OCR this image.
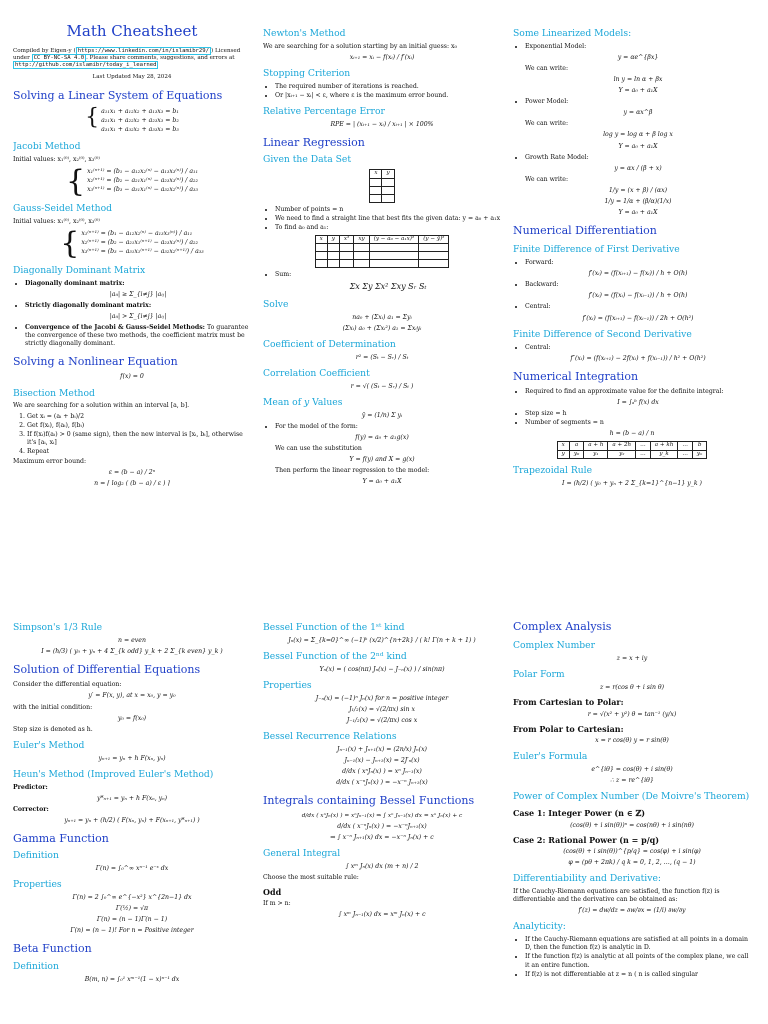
Math Cheatsheet
Compiled by Eigen-y ( https://www.linkedin.com/in/islamibr29/ ) Licensed under CC BY-NC-SA 4.0 . Please share comments, suggestions, and errors at http://github.com/islamibr/today_i_learned
Last Updated May 28, 2024
Solving a Linear System of Equations
{ a₁₁x₁ + a₁₂x₂ + a₁₃x₃ = b₁
a₂₁x₁ + a₂₂x₂ + a₂₃x₃ = b₂
a₃₁x₁ + a₃₂x₂ + a₃₃x₃ = b₃
Jacobi Method
Initial values: x₁⁽⁰⁾, x₂⁽⁰⁾, x₃⁽⁰⁾
{ x₁⁽ⁿ⁺¹⁾ = (b₁ − a₁₂x₂⁽ⁿ⁾ − a₁₃x₃⁽ⁿ⁾) / a₁₁
x₂⁽ⁿ⁺¹⁾ = (b₂ − a₂₁x₁⁽ⁿ⁾ − a₂₃x₃⁽ⁿ⁾) / a₂₂
x₃⁽ⁿ⁺¹⁾ = (b₃ − a₃₁x₁⁽ⁿ⁾ − a₃₂x₂⁽ⁿ⁾) / a₃₃
Gauss-Seidel Method
Initial values: x₁⁽⁰⁾, x₂⁽⁰⁾, x₃⁽⁰⁾
{ x₁⁽ⁿ⁺¹⁾ = (b₁ − a₁₂x₂⁽ⁿ⁾ − a₁₃x₃⁽ⁿ⁾) / a₁₁
x₂⁽ⁿ⁺¹⁾ = (b₂ − a₂₁x₁⁽ⁿ⁺¹⁾ − a₂₃x₃⁽ⁿ⁾) / a₂₂
x₃⁽ⁿ⁺¹⁾ = (b₃ − a₃₁x₁⁽ⁿ⁺¹⁾ − a₃₂x₂⁽ⁿ⁺¹⁾) / a₃₃
Diagonally Dominant Matrix
• Diagonally dominant matrix:
|aᵢᵢ| ≥ Σ_{i≠j} |aᵢⱼ|
• Strictly diagonally dominant matrix:
|aᵢᵢ| > Σ_{i≠j} |aᵢⱼ|
• Convergence of the Jacobi & Gauss-Seidel Methods: To guarantee the convergence of these two methods, the coefficient matrix must be strictly diagonally dominant.
Solving a Nonlinear Equation
f(x) = 0
Bisection Method
We are searching for a solution within an interval [a, b].
1. Get xᵢ = (aᵢ + bᵢ)/2
2. Get f(xᵢ), f(aᵢ), f(bᵢ)
3. If f(xᵢ)f(aᵢ) > 0 (same sign), then the new interval is [xᵢ, bᵢ], otherwise it's [aᵢ, xᵢ]
4. Repeat
Maximum error bound:
ε = (b − a) / 2ⁿ
n = ⌈ log₂ ( (b − a) / ε ) ⌉
Newton's Method
We are searching for a solution starting by an initial guess: x₀
xᵢ₊₁ = xᵢ − f(xᵢ) / f′(xᵢ)
Stopping Criterion
• The required number of iterations is reached.
• Or |xᵢ₊₁ − xᵢ| < ε, where ε is the maximum error bound.
Relative Percentage Error
RPE = | (xᵢ₊₁ − xᵢ) / xᵢ₊₁ | × 100%
Linear Regression
Given the Data Set
x	y

• Number of points = n
• We need to find a straight line that best fits the given data: y = a₀ + a₁x
• To find a₀ and a₁:
x	y	x²	xy	(y − a₀ − a₁x)²	(y − ȳ)²

• Sum:
Σx Σy Σx² Σxy Sᵣ Sₜ
Solve
na₀ + (Σxᵢ) a₁ = Σyᵢ
(Σxᵢ) a₀ + (Σxᵢ²) a₁ = Σxᵢyᵢ
Coefficient of Determination
r² = (Sₜ − Sᵣ) / Sₜ
Correlation Coefficient
r = √( (Sₜ − Sᵣ) / Sₜ )
Mean of y Values
ȳ = (1/n) Σ yᵢ
• For the model of the form:
f(y) = a₀ + a₁g(x)
We can use the substitution
Y = f(y) and X = g(x)
Then perform the linear regression to the model:
Y = a₀ + a₁X
Some Linearized Models:
• Exponential Model:
y = αe^{βx}
We can write:
ln y = ln α + βx
Y = a₀ + a₁X
• Power Model:
y = αx^β
We can write:
log y = log α + β log x
Y = a₀ + a₁X
• Growth Rate Model:
y = αx / (β + x)
We can write:
1/y = (x + β) / (αx)
1/y = 1/α + (β/α)(1/x)
Y = a₀ + a₁X
Numerical Differentiation
Finite Difference of First Derivative
• Forward:
f′(xᵢ) = (f(xᵢ₊₁) − f(xᵢ)) / h + O(h)
• Backward:
f′(xᵢ) = (f(xᵢ) − f(xᵢ₋₁)) / h + O(h)
• Central:
f′(xᵢ) = (f(xᵢ₊₁) − f(xᵢ₋₁)) / 2h + O(h²)
Finite Difference of Second Derivative
• Central:
f″(xᵢ) = (f(xᵢ₊₁) − 2f(xᵢ) + f(xᵢ₋₁)) / h² + O(h²)
Numerical Integration
• Required to find an approximate value for the definite integral:
I = ∫ₐᵇ f(x) dx
• Step size = h
• Number of segments = n
h = (b − a) / n
x	a	a + h	a + 2h	…	a + kh	…	b
y	y₀	y₁	y₂	…	y_k	…	yₙ
Trapezoidal Rule
I = (h/2) ( y₀ + yₙ + 2 Σ_{k=1}^{n−1} y_k )
Simpson's 1/3 Rule
n = even
I = (h/3) ( y₀ + yₙ + 4 Σ_{k odd} y_k + 2 Σ_{k even} y_k )
Solution of Differential Equations
Consider the differential equation:
y′ = F(x, y), at x = x₀, y = y₀
with the initial condition:
y₀ = f(x₀)
Step size is denoted as h.
Euler's Method
yₙ₊₁ = yₙ + h F(xₙ, yₙ)
Heun's Method (Improved Euler's Method)
Predictor:
y*ₙ₊₁ = yₙ + h F(xₙ, yₙ)
Corrector:
yₙ₊₁ = yₙ + (h/2) ( F(xₙ, yₙ) + F(xₙ₊₁, y*ₙ₊₁) )
Gamma Function
Definition
Γ(n) = ∫₀^∞ xⁿ⁻¹ e⁻ˣ dx
Properties
Γ(n) = 2 ∫₀^∞ e^{−x²} x^{2n−1} dx
Γ(½) = √π
Γ(n) = (n − 1)Γ(n − 1)
Γ(n) = (n − 1)! For n = Positive integer
Beta Function
Definition
B(m, n) = ∫₀¹ xᵐ⁻¹(1 − x)ⁿ⁻¹ dx
Bessel Function of the 1ˢᵗ kind
Jₙ(x) = Σ_{k=0}^∞ (−1)ᵏ (x/2)^{n+2k} / ( k! Γ(n + k + 1) )
Bessel Function of the 2ⁿᵈ kind
Yₙ(x) = ( cos(nπ) Jₙ(x) − J₋ₙ(x) ) / sin(nπ)
Properties
J₋ₙ(x) = (−1)ⁿ Jₙ(x) for n = positive integer
J₁/₂(x) = √(2/πx) sin x
J₋₁/₂(x) = √(2/πx) cos x
Bessel Recurrence Relations
Jₙ₋₁(x) + Jₙ₊₁(x) = (2n/x) Jₙ(x)
Jₙ₋₁(x) − Jₙ₊₁(x) = 2J′ₙ(x)
d/dx ( xⁿJₙ(x) ) = xⁿ Jₙ₋₁(x)
d/dx ( x⁻ⁿJₙ(x) ) = −x⁻ⁿ Jₙ₊₁(x)
Integrals containing Bessel Functions
d/dx ( xⁿJₙ(x) ) = xⁿJₙ₋₁(x) ⇒ ∫ xⁿ Jₙ₋₁(x) dx = xⁿ Jₙ(x) + c
d/dx ( x⁻ⁿJₙ(x) ) = −x⁻ⁿJₙ₊₁(x)
⇒ ∫ x⁻ⁿ Jₙ₊₁(x) dx = −x⁻ⁿ Jₙ(x) + c
General Integral
∫ xᵐ Jₙ(x) dx (m + n) / 2
Choose the most suitable rule:
Odd
If m > n:
∫ xᵐ Jₙ₋₁(x) dx = xᵐ Jₙ(x) + c
Complex Analysis
Complex Number
z = x + iy
Polar Form
z = r(cos θ + i sin θ)
From Cartesian to Polar:
r = √(x² + y²) θ = tan⁻¹ (y/x)
From Polar to Cartesian:
x = r cos(θ) y = r sin(θ)
Euler's Formula
e^{iθ} = cos(θ) + i sin(θ)
∴ z = re^{iθ}
Power of Complex Number (De Moivre's Theorem)
Case 1: Integer Power (n ∈ ℤ)
(cos(θ) + i sin(θ))ⁿ = cos(nθ) + i sin(nθ)
Case 2: Rational Power (n = p/q)
(cos(θ) + i sin(θ))^{p/q} = cos(φ) + i sin(φ)
φ = (pθ + 2πk) / q k = 0, 1, 2, …, (q − 1)
Differentiability and Derivative:
If the Cauchy-Riemann equations are satisfied, the function f(z) is differentiable and the derivative can be obtained as:
f′(z) = dw/dz = ∂w/∂x = (1/i) ∂w/∂y
Analyticity:
• If the Cauchy-Riemann equations are satisfied at all points in a domain D, then the function f(z) is analytic in D.
• If the function f(z) is analytic at all points of the complex plane, we call it an entire function.
• If f(z) is not differentiable at z = n ( n is called singular
